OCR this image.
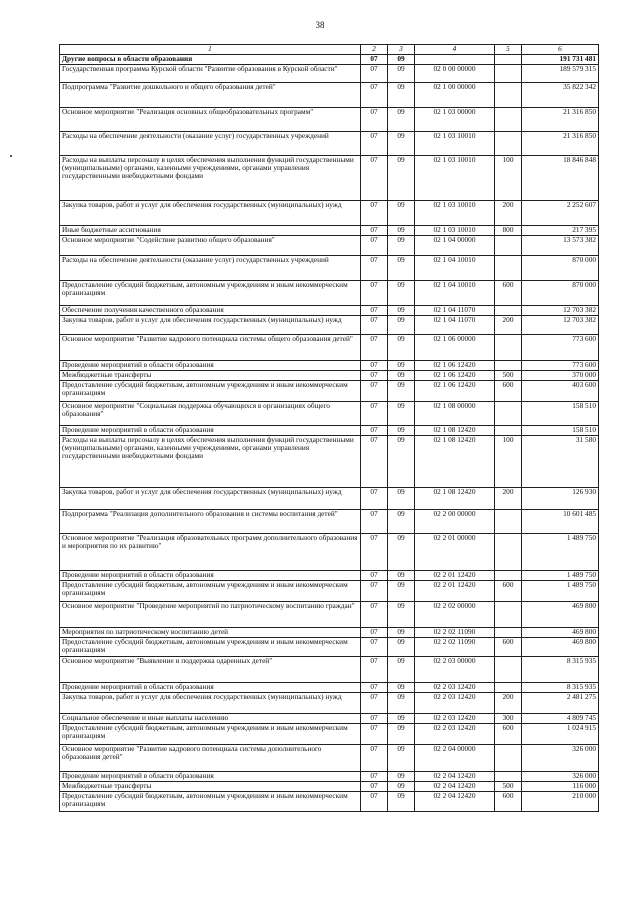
38
1	2	3	4	5	6
Другие вопросы в области образования	07	09			191 731 481
Государственная программа Курской области "Развитие образования в Курской области"	07	09	02 0 00 00000		189 579 315
Подпрограмма "Развитие дошкольного и общего образования детей"	07	09	02 1 00 00000		35 822 342
Основное мероприятие "Реализация основных общеобразовательных программ"	07	09	02 1 03 00000		21 316 850
Расходы на обеспечение деятельности (оказание услуг) государственных учреждений	07	09	02 1 03 10010		21 316 850
Расходы на выплаты персоналу в целях обеспечения выполнения функций государственными (муниципальными) органами, казенными учреждениями, органами управления государственными внебюджетными фондами	07	09	02 1 03 10010	100	18 846 848
Закупка товаров, работ и услуг для обеспечения государственных (муниципальных) нужд	07	09	02 1 03 10010	200	2 252 607
Иные бюджетные ассигнования	07	09	02 1 03 10010	800	217 395
Основное мероприятие "Содействие развитию общего образования"	07	09	02 1 04 00000		13 573 382
Расходы на обеспечение деятельности (оказание услуг) государственных учреждений	07	09	02 1 04 10010		870 000
Предоставление субсидий бюджетным, автономным учреждениям и иным некоммерческим организациям	07	09	02 1 04 10010	600	870 000
Обеспечение получения качественного образования	07	09	02 1 04 11070		12 703 382
Закупка товаров, работ и услуг для обеспечения государственных (муниципальных) нужд	07	09	02 1 04 11070	200	12 703 382
Основное мероприятие "Развитие кадрового потенциала системы общего образования детей"	07	09	02 1 06 00000		773 600
Проведение мероприятий в области образования	07	09	02 1 06 12420		773 600
Межбюджетные трансферты	07	09	02 1 06 12420	500	370 000
Предоставление субсидий бюджетным, автономным учреждениям и иным некоммерческим организациям	07	09	02 1 06 12420	600	403 600
Основное мероприятие "Социальная поддержка обучающихся в организациях общего образования"	07	09	02 1 08 00000		158 510
Проведение мероприятий в области образования	07	09	02 1 08 12420		158 510
Расходы на выплаты персоналу в целях обеспечения выполнения функций государственными (муниципальными) органами, казенными учреждениями, органами управления государственными внебюджетными фондами	07	09	02 1 08 12420	100	31 580
Закупка товаров, работ и услуг для обеспечения государственных (муниципальных) нужд	07	09	02 1 08 12420	200	126 930
Подпрограмма "Реализация дополнительного образования и системы воспитания детей"	07	09	02 2 00 00000		10 601 485
Основное мероприятие "Реализация образовательных программ дополнительного образования и мероприятия по их развитию"	07	09	02 2 01 00000		1 489 750
Проведение мероприятий в области образования	07	09	02 2 01 12420		1 489 750
Предоставление субсидий бюджетным, автономным учреждениям и иным некоммерческим организациям	07	09	02 2 01 12420	600	1 489 750
Основное мероприятие "Проведение мероприятий по патриотическому воспитанию граждан"	07	09	02 2 02 00000		469 800
Мероприятия по патриотическому воспитанию детей	07	09	02 2 02 11090		469 800
Предоставление субсидий бюджетным, автономным учреждениям и иным некоммерческим организациям	07	09	02 2 02 11090	600	469 800
Основное мероприятие "Выявление и поддержка одаренных детей"	07	09	02 2 03 00000		8 315 935
Проведение мероприятий в области образования	07	09	02 2 03 12420		8 315 935
Закупка товаров, работ и услуг для обеспечения государственных (муниципальных) нужд	07	09	02 2 03 12420	200	2 481 275
Социальное обеспечение и иные выплаты населению	07	09	02 2 03 12420	300	4 809 745
Предоставление субсидий бюджетным, автономным учреждениям и иным некоммерческим организациям	07	09	02 2 03 12420	600	1 024 915
Основное мероприятие "Развитие кадрового потенциала системы дополнительного образования детей"	07	09	02 2 04 00000		326 000
Проведение мероприятий в области образования	07	09	02 2 04 12420		326 000
Межбюджетные трансферты	07	09	02 2 04 12420	500	116 000
Предоставление субсидий бюджетным, автономным учреждениям и иным некоммерческим организациям	07	09	02 2 04 12420	600	210 000
